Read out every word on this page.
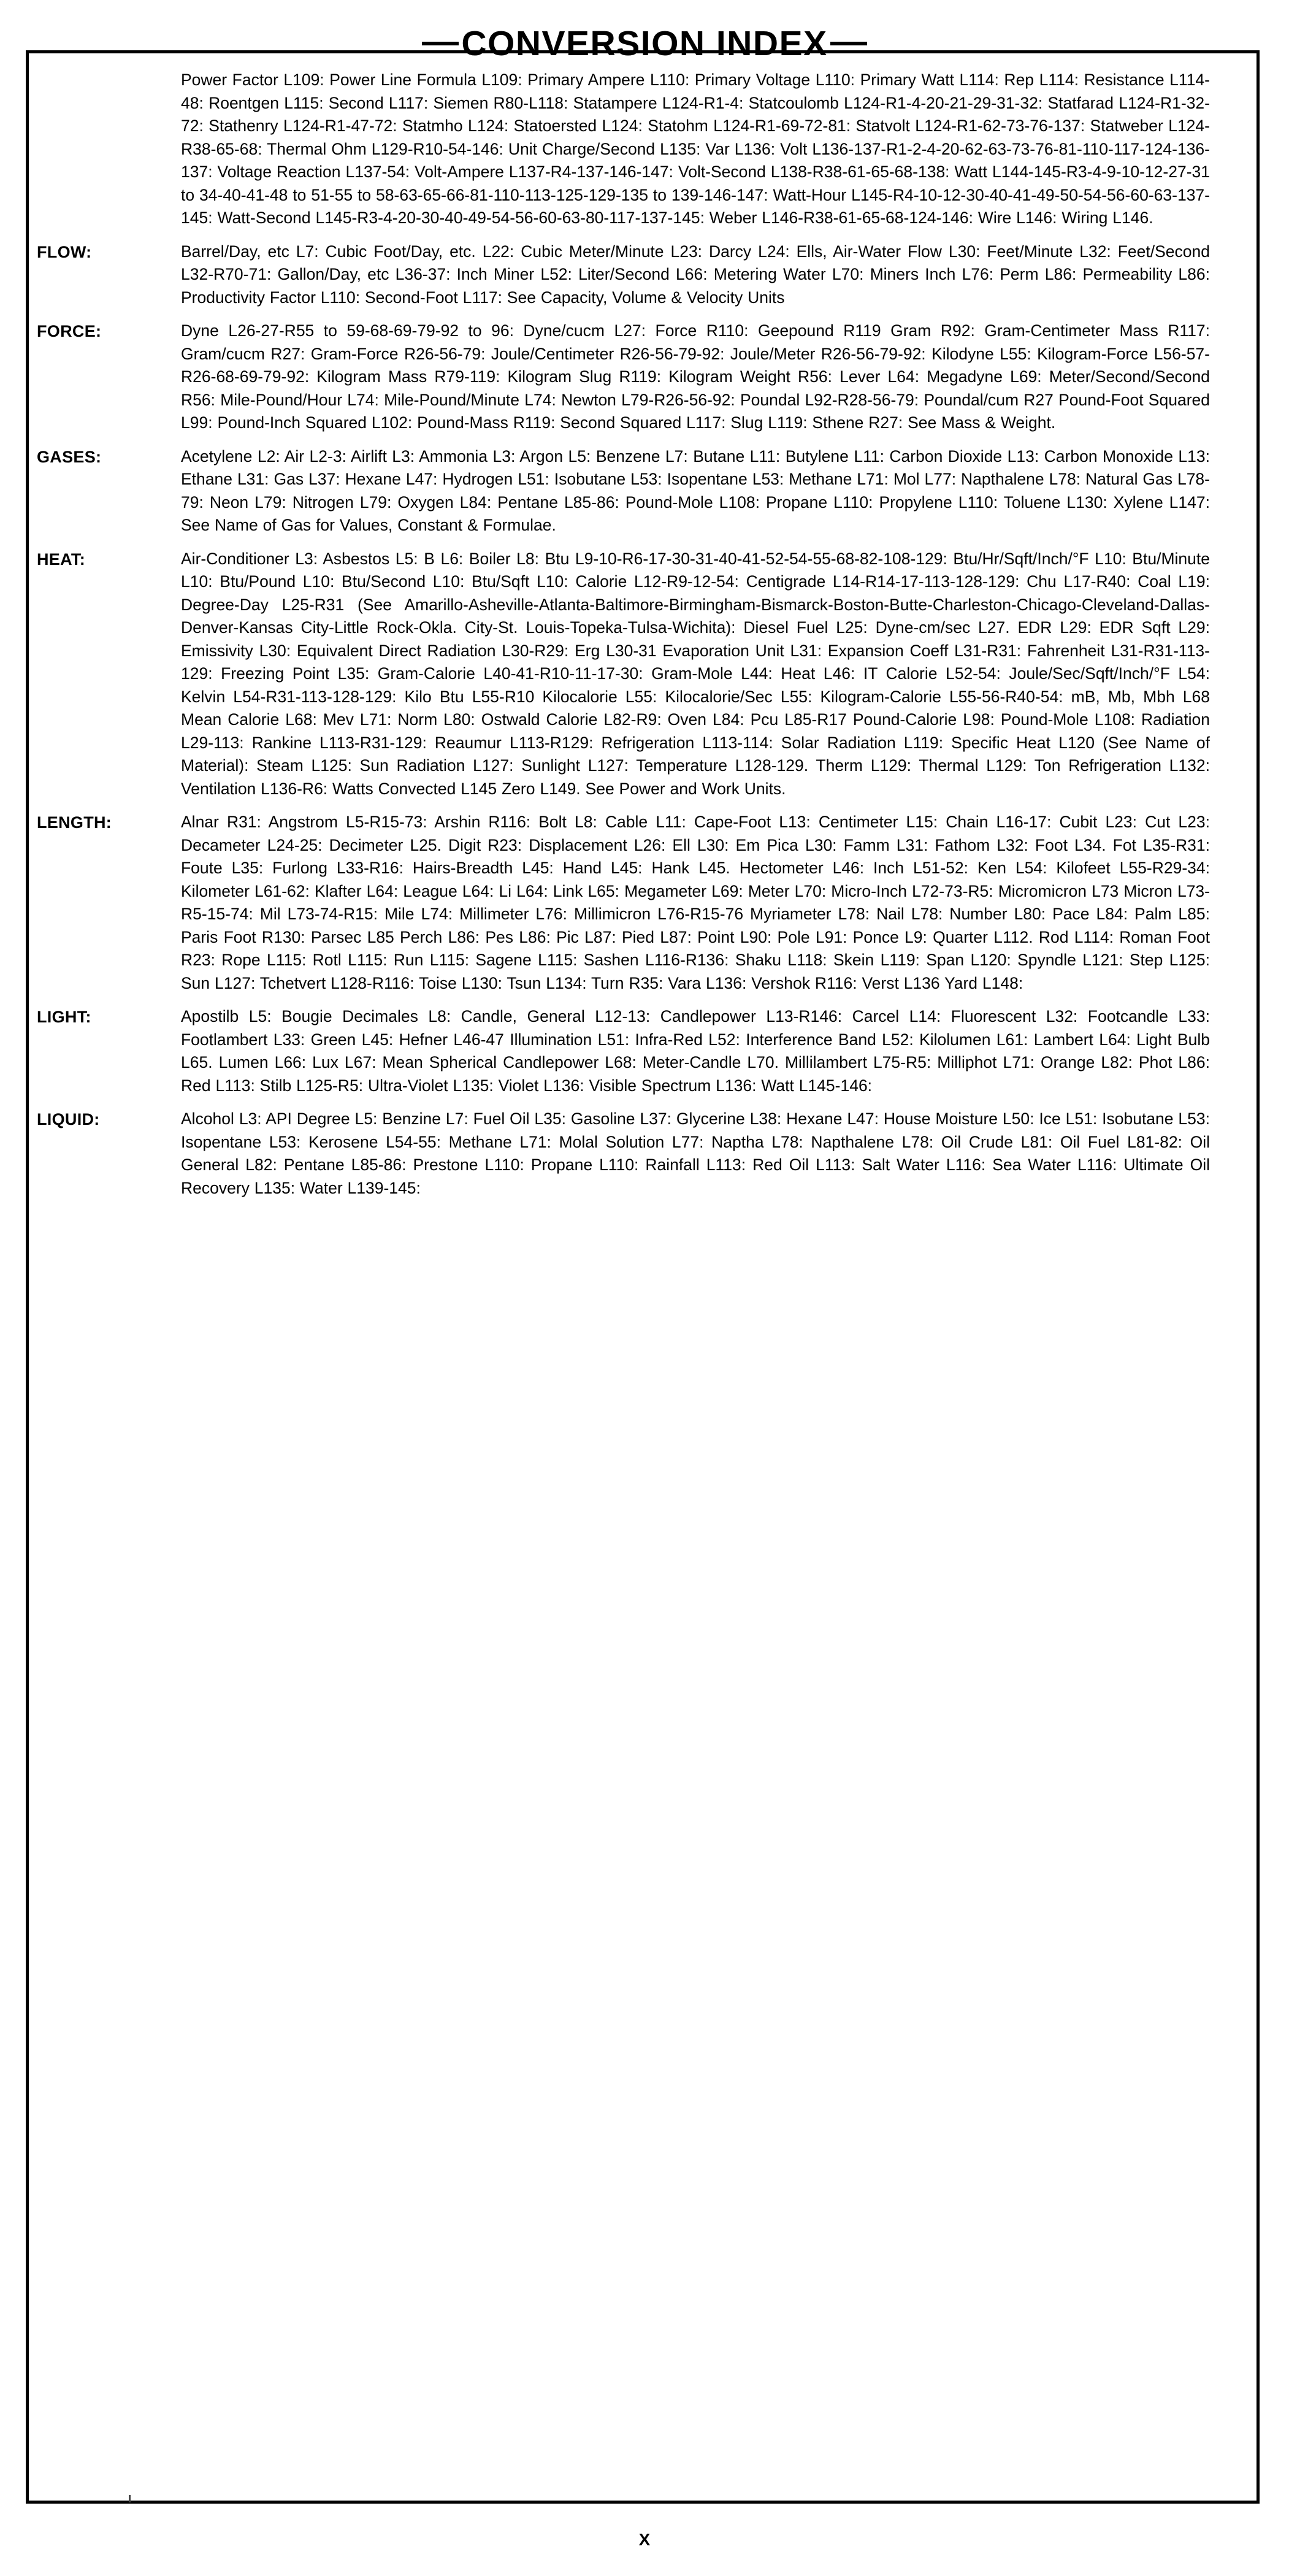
CONVERSION INDEX
Power Factor L109: Power Line Formula L109: Primary Ampere L110: Primary Voltage L110: Primary Watt L114: Rep L114: Resistance L114-48: Roentgen L115: Second L117: Siemen R80-L118: Statampere L124-R1-4: Statcoulomb L124-R1-4-20-21-29-31-32: Statfarad L124-R1-32-72: Stathenry L124-R1-47-72: Statmho L124: Statoersted L124: Statohm L124-R1-69-72-81: Statvolt L124-R1-62-73-76-137: Statweber L124-R38-65-68: Thermal Ohm L129-R10-54-146: Unit Charge/Second L135: Var L136: Volt L136-137-R1-2-4-20-62-63-73-76-81-110-117-124-136-137: Voltage Reaction L137-54: Volt-Ampere L137-R4-137-146-147: Volt-Second L138-R38-61-65-68-138: Watt L144-145-R3-4-9-10-12-27-31 to 34-40-41-48 to 51-55 to 58-63-65-66-81-110-113-125-129-135 to 139-146-147: Watt-Hour L145-R4-10-12-30-40-41-49-50-54-56-60-63-137-145: Watt-Second L145-R3-4-20-30-40-49-54-56-60-63-80-117-137-145: Weber L146-R38-61-65-68-124-146: Wire L146: Wiring L146.
FLOW:	Barrel/Day, etc L7: Cubic Foot/Day, etc. L22: Cubic Meter/Minute L23: Darcy L24: Ells, Air-Water Flow L30: Feet/Minute L32: Feet/Second L32-R70-71: Gallon/Day, etc L36-37: Inch Miner L52: Liter/Second L66: Metering Water L70: Miners Inch L76: Perm L86: Permeability L86: Productivity Factor L110: Second-Foot L117: See Capacity, Volume & Velocity Units
FORCE:	Dyne L26-27-R55 to 59-68-69-79-92 to 96: Dyne/cucm L27: Force R110: Geepound R119 Gram R92: Gram-Centimeter Mass R117: Gram/cucm R27: Gram-Force R26-56-79: Joule/Centimeter R26-56-79-92: Joule/Meter R26-56-79-92: Kilodyne L55: Kilogram-Force L56-57-R26-68-69-79-92: Kilogram Mass R79-119: Kilogram Slug R119: Kilogram Weight R56: Lever L64: Megadyne L69: Meter/Second/Second R56: Mile-Pound/Hour L74: Mile-Pound/Minute L74: Newton L79-R26-56-92: Poundal L92-R28-56-79: Poundal/cum R27 Pound-Foot Squared L99: Pound-Inch Squared L102: Pound-Mass R119: Second Squared L117: Slug L119: Sthene R27: See Mass & Weight.
GASES:	Acetylene L2: Air L2-3: Airlift L3: Ammonia L3: Argon L5: Benzene L7: Butane L11: Butylene L11: Carbon Dioxide L13: Carbon Monoxide L13: Ethane L31: Gas L37: Hexane L47: Hydrogen L51: Isobutane L53: Isopentane L53: Methane L71: Mol L77: Napthalene L78: Natural Gas L78-79: Neon L79: Nitrogen L79: Oxygen L84: Pentane L85-86: Pound-Mole L108: Propane L110: Propylene L110: Toluene L130: Xylene L147: See Name of Gas for Values, Constant & Formulae.
HEAT:	Air-Conditioner L3: Asbestos L5: B L6: Boiler L8: Btu L9-10-R6-17-30-31-40-41-52-54-55-68-82-108-129: Btu/Hr/Sqft/Inch/°F L10: Btu/Minute L10: Btu/Pound L10: Btu/Second L10: Btu/Sqft L10: Calorie L12-R9-12-54: Centigrade L14-R14-17-113-128-129: Chu L17-R40: Coal L19: Degree-Day L25-R31 (See Amarillo-Asheville-Atlanta-Baltimore-Birmingham-Bismarck-Boston-Butte-Charleston-Chicago-Cleveland-Dallas-Denver-Kansas City-Little Rock-Okla. City-St. Louis-Topeka-Tulsa-Wichita): Diesel Fuel L25: Dyne-cm/sec L27. EDR L29: EDR Sqft L29: Emissivity L30: Equivalent Direct Radiation L30-R29: Erg L30-31 Evaporation Unit L31: Expansion Coeff L31-R31: Fahrenheit L31-R31-113-129: Freezing Point L35: Gram-Calorie L40-41-R10-11-17-30: Gram-Mole L44: Heat L46: IT Calorie L52-54: Joule/Sec/Sqft/Inch/°F L54: Kelvin L54-R31-113-128-129: Kilo Btu L55-R10 Kilocalorie L55: Kilocalorie/Sec L55: Kilogram-Calorie L55-56-R40-54: mB, Mb, Mbh L68 Mean Calorie L68: Mev L71: Norm L80: Ostwald Calorie L82-R9: Oven L84: Pcu L85-R17 Pound-Calorie L98: Pound-Mole L108: Radiation L29-113: Rankine L113-R31-129: Reaumur L113-R129: Refrigeration L113-114: Solar Radiation L119: Specific Heat L120 (See Name of Material): Steam L125: Sun Radiation L127: Sunlight L127: Temperature L128-129. Therm L129: Thermal L129: Ton Refrigeration L132: Ventilation L136-R6: Watts Convected L145 Zero L149. See Power and Work Units.
LENGTH:	Alnar R31: Angstrom L5-R15-73: Arshin R116: Bolt L8: Cable L11: Cape-Foot L13: Centimeter L15: Chain L16-17: Cubit L23: Cut L23: Decameter L24-25: Decimeter L25. Digit R23: Displacement L26: Ell L30: Em Pica L30: Famm L31: Fathom L32: Foot L34. Fot L35-R31: Foute L35: Furlong L33-R16: Hairs-Breadth L45: Hand L45: Hank L45. Hectometer L46: Inch L51-52: Ken L54: Kilofeet L55-R29-34: Kilometer L61-62: Klafter L64: League L64: Li L64: Link L65: Megameter L69: Meter L70: Micro-Inch L72-73-R5: Micromicron L73 Micron L73-R5-15-74: Mil L73-74-R15: Mile L74: Millimeter L76: Millimicron L76-R15-76 Myriameter L78: Nail L78: Number L80: Pace L84: Palm L85: Paris Foot R130: Parsec L85 Perch L86: Pes L86: Pic L87: Pied L87: Point L90: Pole L91: Ponce L9: Quarter L112. Rod L114: Roman Foot R23: Rope L115: Rotl L115: Run L115: Sagene L115: Sashen L116-R136: Shaku L118: Skein L119: Span L120: Spyndle L121: Step L125: Sun L127: Tchetvert L128-R116: Toise L130: Tsun L134: Turn R35: Vara L136: Vershok R116: Verst L136 Yard L148:
LIGHT:	Apostilb L5: Bougie Decimales L8: Candle, General L12-13: Candlepower L13-R146: Carcel L14: Fluorescent L32: Footcandle L33: Footlambert L33: Green L45: Hefner L46-47 Illumination L51: Infra-Red L52: Interference Band L52: Kilolumen L61: Lambert L64: Light Bulb L65. Lumen L66: Lux L67: Mean Spherical Candlepower L68: Meter-Candle L70. Millilambert L75-R5: Milliphot L71: Orange L82: Phot L86: Red L113: Stilb L125-R5: Ultra-Violet L135: Violet L136: Visible Spectrum L136: Watt L145-146:
LIQUID:	Alcohol L3: API Degree L5: Benzine L7: Fuel Oil L35: Gasoline L37: Glycerine L38: Hexane L47: House Moisture L50: Ice L51: Isobutane L53: Isopentane L53: Kerosene L54-55: Methane L71: Molal Solution L77: Naptha L78: Napthalene L78: Oil Crude L81: Oil Fuel L81-82: Oil General L82: Pentane L85-86: Prestone L110: Propane L110: Rainfall L113: Red Oil L113: Salt Water L116: Sea Water L116: Ultimate Oil Recovery L135: Water L139-145:
X
